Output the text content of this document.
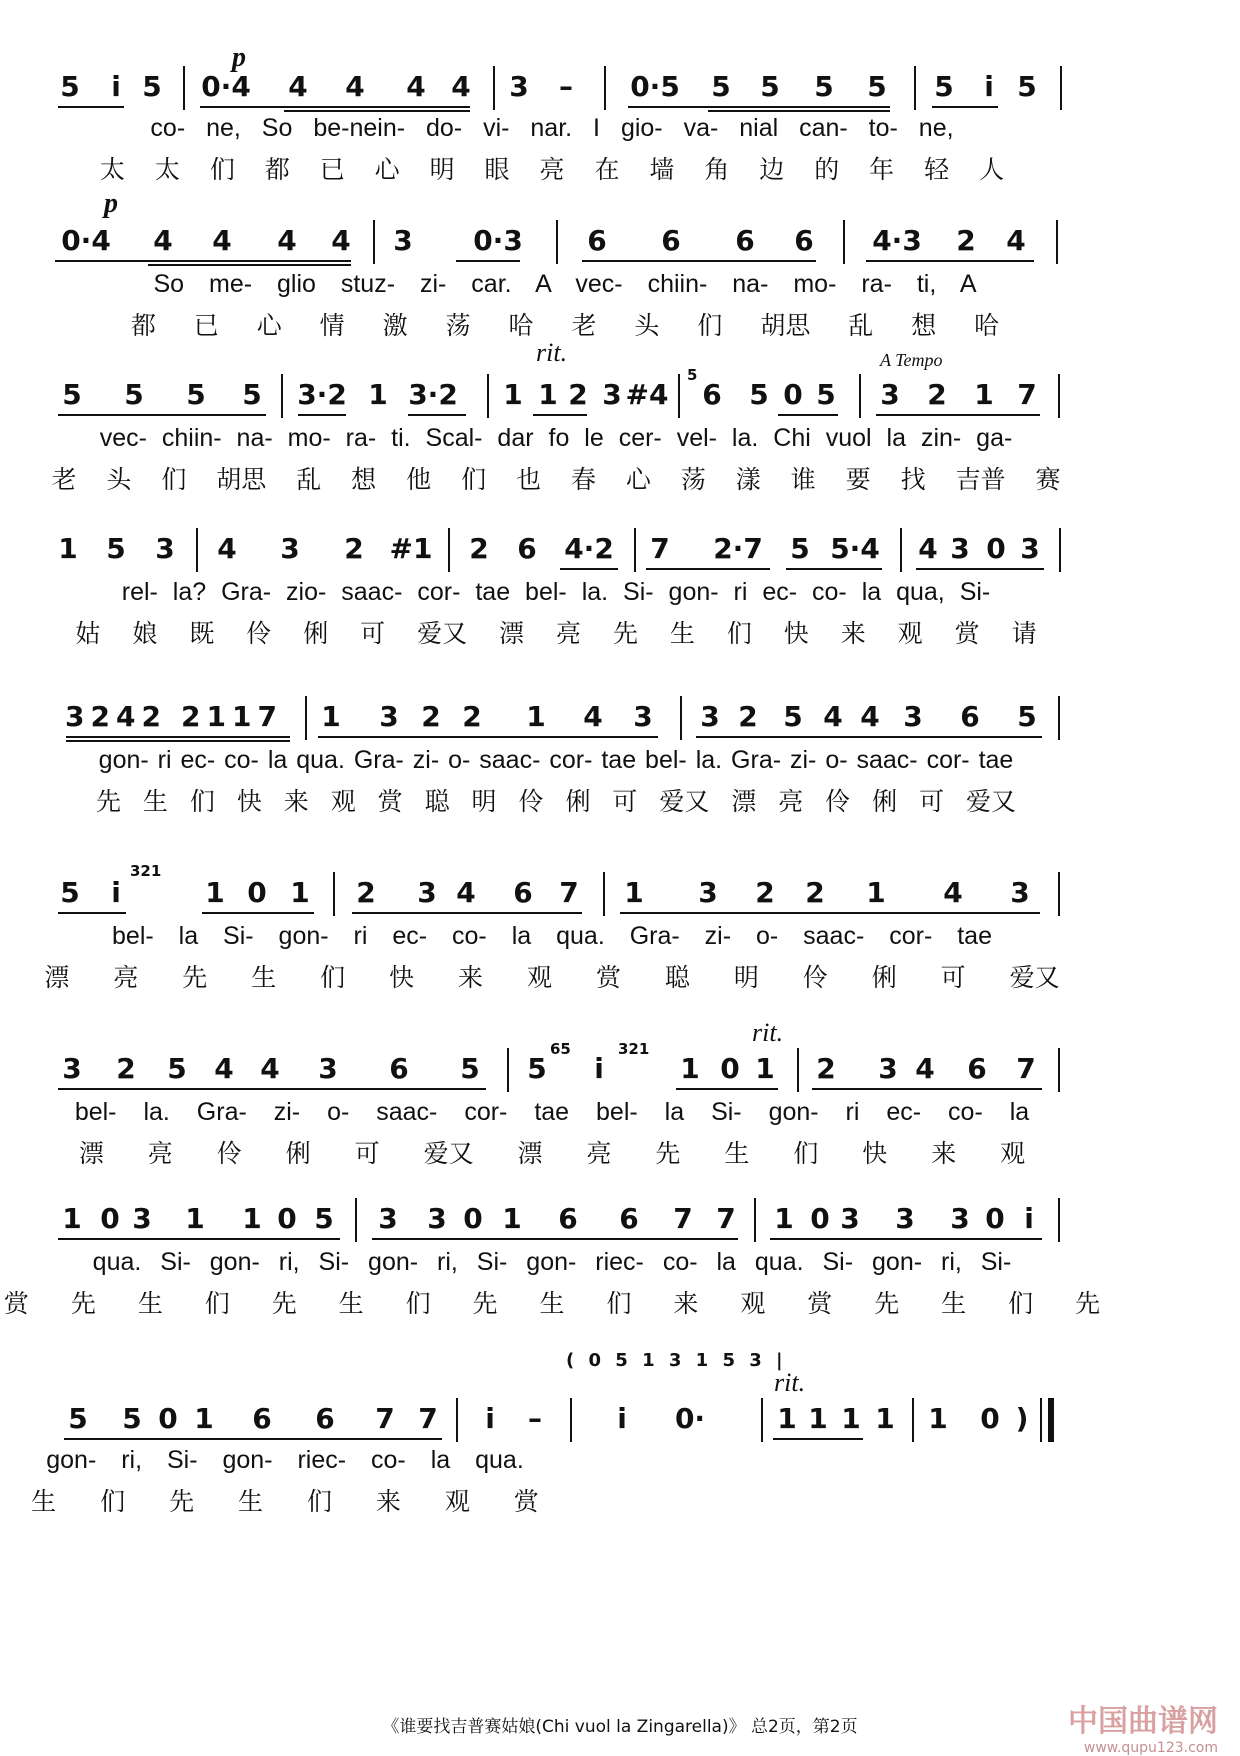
5 i 5 0·4 4 4 4 4 3 – 0·5 5 5 5 5 5 i 5
p
co- ne, So be-nein- do- vi- nar. I gio- va- nial can- to- ne,
太 太 们 都 已 心 明 眼 亮 在 墙 角 边 的 年 轻 人
0·4 4 4 4 4 3 0·3 6 6 6 6 4·3 2 4
p
So me- glio stuz- zi- car. A vec- chiin- na- mo- ra- ti, A
都 已 心 情 激 荡 哈 老 头 们 胡思 乱 想 哈
5 5 5 5 3·2 1 3·2 1 1 2 3 #4 6 5 0 5 3 2 1 7
rit.	A Tempo
5
vec- chiin- na- mo- ra- ti. Scal- dar fo le cer- vel- la. Chi vuol la zin- ga-
老 头 们 胡思 乱 想 他 们 也 春 心 荡 漾 谁 要 找 吉普 赛
1 5 3 4 3 2 #1 2 6 4·2 7 2·7 5 5·4 4 3 0 3
rel- la? Gra- zio- saac- cor- tae bel- la. Si- gon- ri ec- co- la qua, Si-
姑 娘 既 伶 俐 可 爱又 漂 亮 先 生 们 快 来 观 赏 请
3242 2117 1 3 2 2 1 4 3 3 2 5 4 4 3 6 5
gon- ri ec- co- la qua. Gra- zi- o- saac- cor- tae bel- la. Gra- zi- o- saac- cor- tae
先 生 们 快 来 观 赏 聪 明 伶 俐 可 爱又 漂 亮 伶 俐 可 爱又
5 i
321
1 0 1 2 3 4 6 7 1 3 2 2 1 4 3
bel- la Si- gon- ri ec- co- la qua. Gra- zi- o- saac- cor- tae
漂 亮 先 生 们 快 来 观 赏 聪 明 伶 俐 可 爱又
3 2 5 4 4 3 6 5 5
65
i
321
1 0 1 2 3 4 6 7
rit.
bel- la. Gra- zi- o- saac- cor- tae bel- la Si- gon- ri ec- co- la
漂 亮 伶 俐 可 爱又 漂 亮 先 生 们 快 来 观
1 0 3 1 1 0 5 3 3 0 1 6 6 7 7 1 0 3 3 3 0 i
qua. Si- gon- ri, Si- gon- ri, Si- gon- riec- co- la qua. Si- gon- ri, Si-
赏 先 生 们 先 生 们 先 生 们 来 观 赏 先 生 们 先
( 0 5 1 3 1 5 3 |
5 5 0 1 6 6 7 7 i –	i 0·	1 1 1 1 1 0 )
rit.
gon- ri, Si- gon- riec- co- la qua.
生 们 先 生 们 来 观 赏
《谁要找吉普赛姑娘(Chi vuol la Zingarella)》 总2页，第2页	中国曲谱网
www.qupu123.com
